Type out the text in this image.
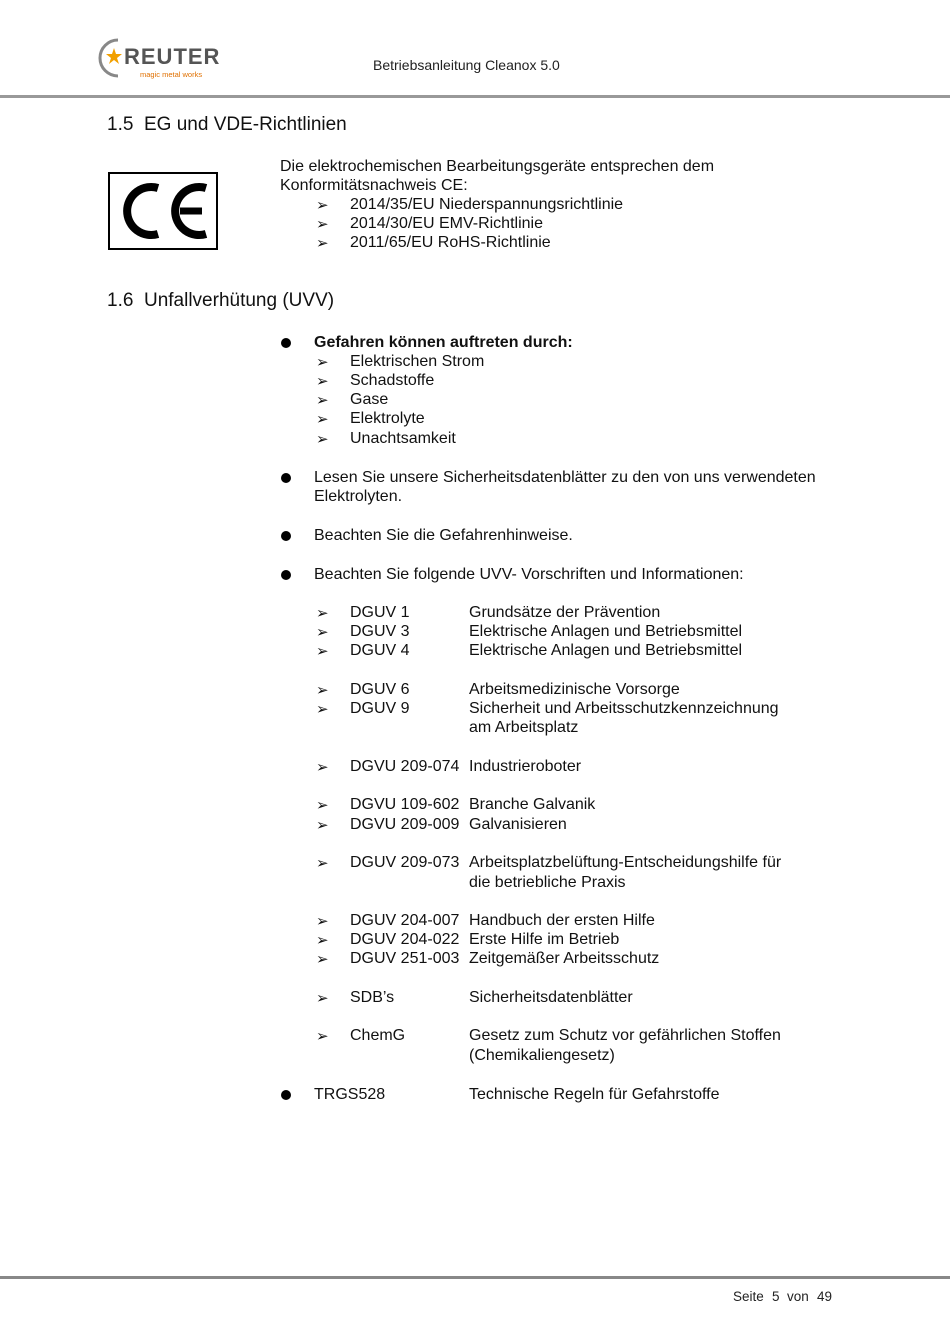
REUTER
magic metal works
Betriebsanleitung Cleanox 5.0
1.5 EG und VDE-Richtlinien
Die elektrochemischen Bearbeitungsgeräte entsprechen dem
Konformitätsnachweis CE:
➢	2014/35/EU Niederspannungsrichtlinie
➢	2014/30/EU EMV-Richtlinie
➢	2011/65/EU RoHS-Richtlinie
1.6 Unfallverhütung (UVV)
Gefahren können auftreten durch:
➢	Elektrischen Strom
➢	Schadstoffe
➢	Gase
➢	Elektrolyte
➢	Unachtsamkeit
Lesen Sie unsere Sicherheitsdatenblätter zu den von uns verwendeten
Elektrolyten.
Beachten Sie die Gefahrenhinweise.
Beachten Sie folgende UVV- Vorschriften und Informationen:
➢	DGUV 1	Grundsätze der Prävention
➢	DGUV 3	Elektrische Anlagen und Betriebsmittel
➢	DGUV 4	Elektrische Anlagen und Betriebsmittel
➢	DGUV 6	Arbeitsmedizinische Vorsorge
➢	DGUV 9	Sicherheit und Arbeitsschutzkennzeichnung
am Arbeitsplatz
➢	DGVU 209-074 Industrieroboter
➢	DGVU 109-602 Branche Galvanik
➢	DGVU 209-009 Galvanisieren
➢	DGUV 209-073 Arbeitsplatzbelüftung-Entscheidungshilfe für
die betriebliche Praxis
➢	DGUV 204-007 Handbuch der ersten Hilfe
➢	DGUV 204-022 Erste Hilfe im Betrieb
➢	DGUV 251-003 Zeitgemäßer Arbeitsschutz
➢	SDB’s	Sicherheitsdatenblätter
➢	ChemG	Gesetz zum Schutz vor gefährlichen Stoffen
(Chemikaliengesetz)
TRGS528	Technische Regeln für Gefahrstoffe
Seite 5 von 49
